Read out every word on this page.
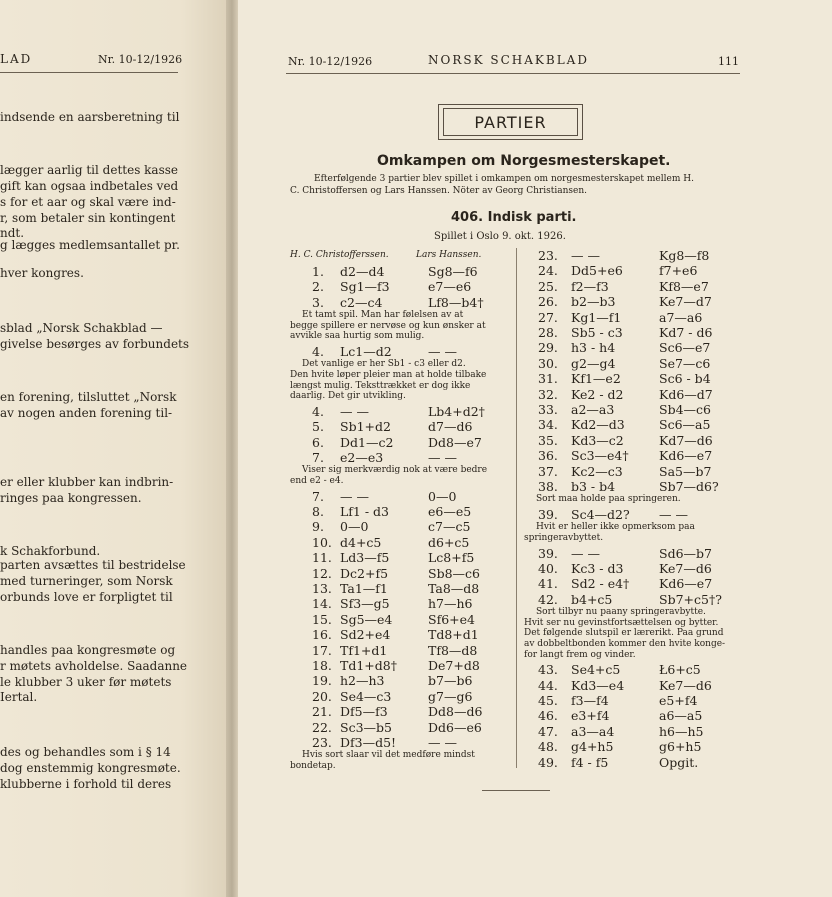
LAD	Nr. 10-12/1926
indsende en aarsberetning til
lægger aarlig til dettes kasse
gift kan ogsaa indbetales ved
s for et aar og skal være ind-
r, som betaler sin kontingent
ndt.
g lægges medlemsantallet pr.
hver kongres.
sblad „Norsk Schakblad —
givelse besørges av forbundets
en forening, tilsluttet „Norsk
av nogen anden forening til-
er eller klubber kan indbrin-
ringes paa kongressen.
k Schakforbund.
parten avsættes til bestridelse
med turneringer, som Norsk
orbunds love er forpligtet til
handles paa kongresmøte og
r møtets avholdelse. Saadanne
le klubber 3 uker før møtets
Iertal.
des og behandles som i § 14
dog enstemmig kongresmøte.
klubberne i forhold til deres
Nr. 10-12/1926	NORSK SCHAKBLAD	111
PARTIER
Omkampen om Norgesmesterskapet.
Efterfølgende 3 partier blev spillet i omkampen om norgesmesterskapet mellem H.
C. Christoffersen og Lars Hanssen. Nöter av Georg Christiansen.
406. Indisk parti.
Spillet i Oslo 9. okt. 1926.
H. C. Christofferssen.	Lars Hanssen.
1. d2—d4	Sg8—f6
2. Sg1—f3	e7—e6
3. c2—c4	Lf8—b4†
Et tamt spil. Man har følelsen av at
begge spillere er nervøse og kun ønsker at
avvikle saa hurtig som mulig.
4. Lc1—d2	— —
Det vanlige er her Sb1 - c3 eller d2.
Den hvite løper pleier man at holde tilbake
længst mulig. Teksttrækket er dog ikke
daarlig. Det gir utvikling.
4. — —	Lb4+d2†
5. Sb1+d2	d7—d6
6. Dd1—c2	Dd8—e7
7. e2—e3	— —
Viser sig merkværdig nok at være bedre
end e2 - e4.
7. — —	0—0
8. Lf1 - d3	e6—e5
9. 0—0	c7—c5
10. d4+c5	d6+c5
11. Ld3—f5	Lc8+f5
12. Dc2+f5	Sb8—c6
13. Ta1—f1	Ta8—d8
14. Sf3—g5	h7—h6
15. Sg5—e4	Sf6+e4
16. Sd2+e4	Td8+d1
17. Tf1+d1	Tf8—d8
18. Td1+d8† De7+d8
19. h2—h3	b7—b6
20. Se4—c3	g7—g6
21. Df5—f3	Dd8—d6
22. Sc3—b5	Dd6—e6
23. Df3—d5!	— —
Hvis sort slaar vil det medføre mindst
bondetap.
23. — —	Kg8—f8
24. Dd5+e6	f7+e6
25. f2—f3	Kf8—e7
26. b2—b3	Ke7—d7
27. Kg1—f1	a7—a6
28. Sb5 - c3	Kd7 - d6
29. h3 - h4	Sc6—e7
30. g2—g4	Se7—c6
31. Kf1—e2	Sc6 - b4
32. Ke2 - d2	Kd6—d7
33. a2—a3	Sb4—c6
34. Kd2—d3	Sc6—a5
35. Kd3—c2	Kd7—d6
36. Sc3—e4† Kd6—e7
37. Kc2—c3	Sa5—b7
38. b3 - b4	Sb7—d6?
Sort maa holde paa springeren.
39. Sc4—d2? — —
Hvit er heller ikke opmerksom paa
springeravbyttet.
39. — —	Sd6—b7
40. Kc3 - d3	Ke7—d6
41. Sd2 - e4† Kd6—e7
42. b4+c5	Sb7+c5†?
Sort tilbyr nu paany springeravbytte.
Hvit ser nu gevinstfortsættelsen og bytter.
Det følgende slutspil er lærerikt. Paa grund
av dobbeltbonden kommer den hvite konge-
for langt frem og vinder.
43. Se4+c5	Ł6+c5
44. Kd3—e4	Ke7—d6
45. f3—f4	e5+f4
46. e3+f4	a6—a5
47. a3—a4	h6—h5
48. g4+h5	g6+h5
49. f4 - f5	Opgit.
